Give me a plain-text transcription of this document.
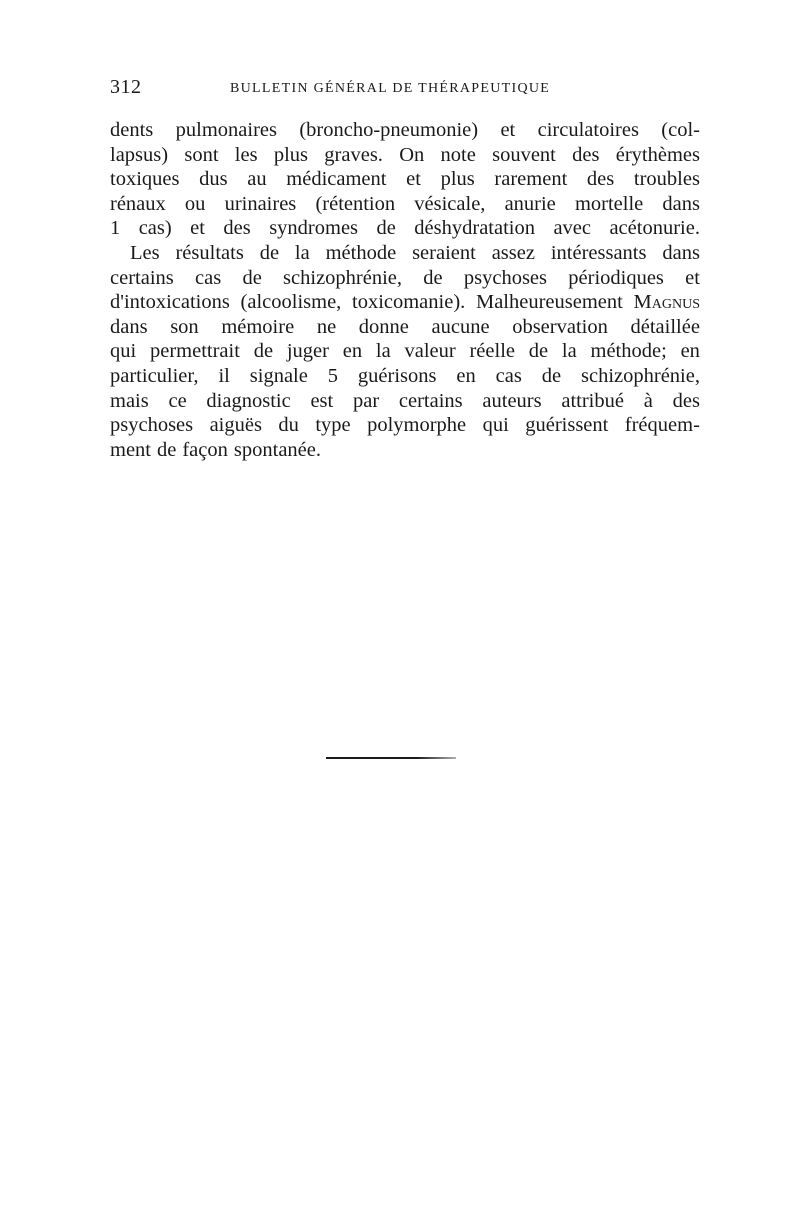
312	BULLETIN GÉNÉRAL DE THÉRAPEUTIQUE
dents pulmonaires (broncho-pneumonie) et circulatoires (col-
lapsus) sont les plus graves. On note souvent des érythèmes
toxiques dus au médicament et plus rarement des troubles
rénaux ou urinaires (rétention vésicale, anurie mortelle dans
1 cas) et des syndromes de déshydratation avec acétonurie.
Les résultats de la méthode seraient assez intéressants dans
certains cas de schizophrénie, de psychoses périodiques et
d'intoxications (alcoolisme, toxicomanie). Malheureusement Magnus
dans son mémoire ne donne aucune observation détaillée
qui permettrait de juger en la valeur réelle de la méthode; en
particulier, il signale 5 guérisons en cas de schizophrénie,
mais ce diagnostic est par certains auteurs attribué à des
psychoses aiguës du type polymorphe qui guérissent fréquem-
ment de façon spontanée.
